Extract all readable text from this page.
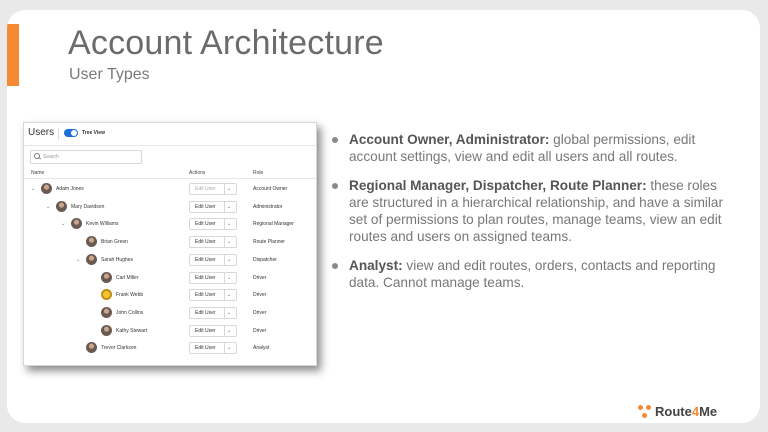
Account Architecture
User Types
Users	Tree View
Search
Name	Actions	Role
⌄	Adam Jones	Edit User ⌄	Account Owner
⌄	Mary Davidson	Edit User ⌄	Administrator
⌄	Kevin Williams	Edit User ⌄	Regional Manager
Brian Green	Edit User ⌄	Route Planner
⌄	Sarah Hughes	Edit User ⌄	Dispatcher
Carl Miller	Edit User ⌄	Driver
Frank Webb	Edit User ⌄	Driver
John Collins	Edit User ⌄	Driver
Kathy Stewart	Edit User ⌄	Driver
Trevor Clarkson	Edit User ⌄	Analyst
Account Owner, Administrator: global permissions, edit account settings, view and edit all users and all routes.
Regional Manager, Dispatcher, Route Planner: these roles are structured in a hierarchical relationship, and have a similar set of permissions to plan routes, manage teams, view an edit routes and users on assigned teams.
Analyst: view and edit routes, orders, contacts and reporting data. Cannot manage teams.
Route4Me
